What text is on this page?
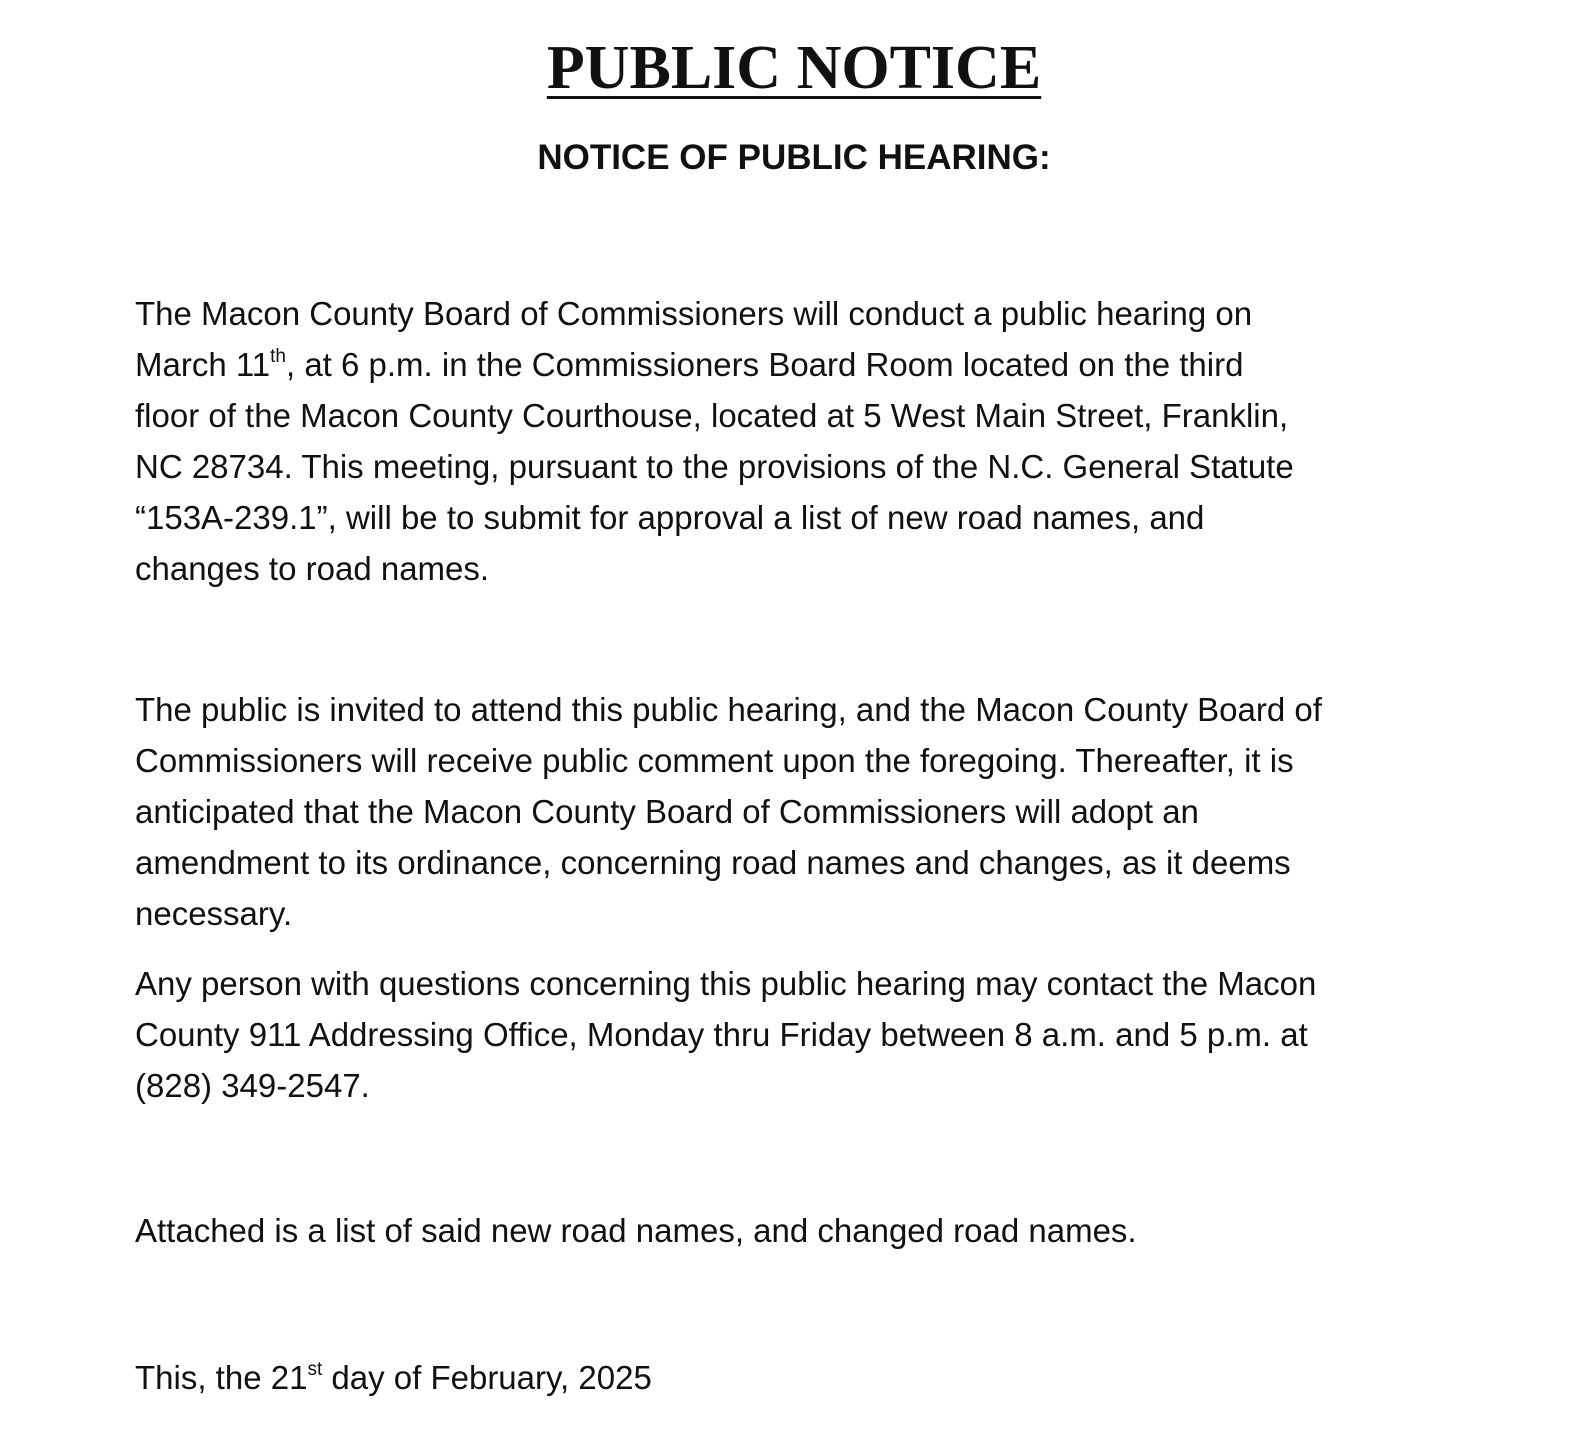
PUBLIC NOTICE
NOTICE OF PUBLIC HEARING:

The Macon County Board of Commissioners will conduct a public hearing on
March 11th, at 6 p.m. in the Commissioners Board Room located on the third
floor of the Macon County Courthouse, located at 5 West Main Street, Franklin,
NC 28734. This meeting, pursuant to the provisions of the N.C. General Statute
“153A-239.1”, will be to submit for approval a list of new road names, and
changes to road names.

The public is invited to attend this public hearing, and the Macon County Board of
Commissioners will receive public comment upon the foregoing. Thereafter, it is
anticipated that the Macon County Board of Commissioners will adopt an
amendment to its ordinance, concerning road names and changes, as it deems
necessary.

Any person with questions concerning this public hearing may contact the Macon
County 911 Addressing Office, Monday thru Friday between 8 a.m. and 5 p.m. at
(828) 349-2547.

Attached is a list of said new road names, and changed road names.

This, the 21st day of February, 2025
